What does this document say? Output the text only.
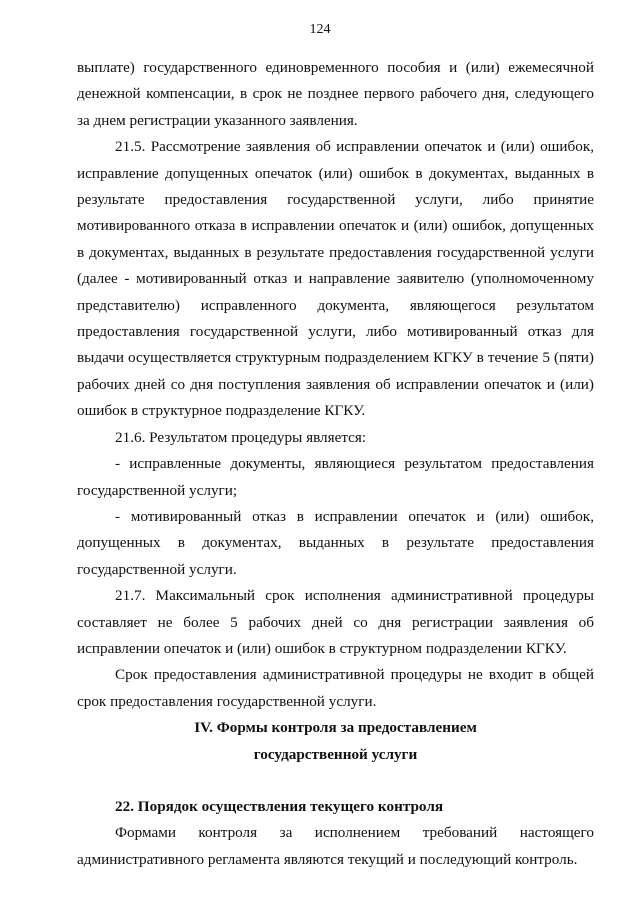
124

выплате) государственного единовременного пособия и (или) ежемесячной денежной компенсации, в срок не позднее первого рабочего дня, следующего за днем регистрации указанного заявления.

21.5. Рассмотрение заявления об исправлении опечаток и (или) ошибок, исправление допущенных опечаток (или) ошибок в документах, выданных в результате предоставления государственной услуги, либо принятие мотивированного отказа в исправлении опечаток и (или) ошибок, допущенных в документах, выданных в результате предоставления государственной услуги (далее - мотивированный отказ и направление заявителю (уполномоченному представителю) исправленного документа, являющегося результатом предоставления государственной услуги, либо мотивированный отказ для выдачи осуществляется структурным подразделением КГКУ в течение 5 (пяти) рабочих дней со дня поступления заявления об исправлении опечаток и (или) ошибок в структурное подразделение КГКУ.

21.6. Результатом процедуры является:

- исправленные документы, являющиеся результатом предоставления государственной услуги;

- мотивированный отказ в исправлении опечаток и (или) ошибок, допущенных в документах, выданных в результате предоставления государственной услуги.

21.7. Максимальный срок исполнения административной процедуры составляет не более 5 рабочих дней со дня регистрации заявления об исправлении опечаток и (или) ошибок в структурном подразделении КГКУ.

Срок предоставления административной процедуры не входит в общей срок предоставления государственной услуги.

IV. Формы контроля за предоставлением

государственной услуги

22. Порядок осуществления текущего контроля

Формами контроля за исполнением требований настоящего административного регламента являются текущий и последующий контроль.
